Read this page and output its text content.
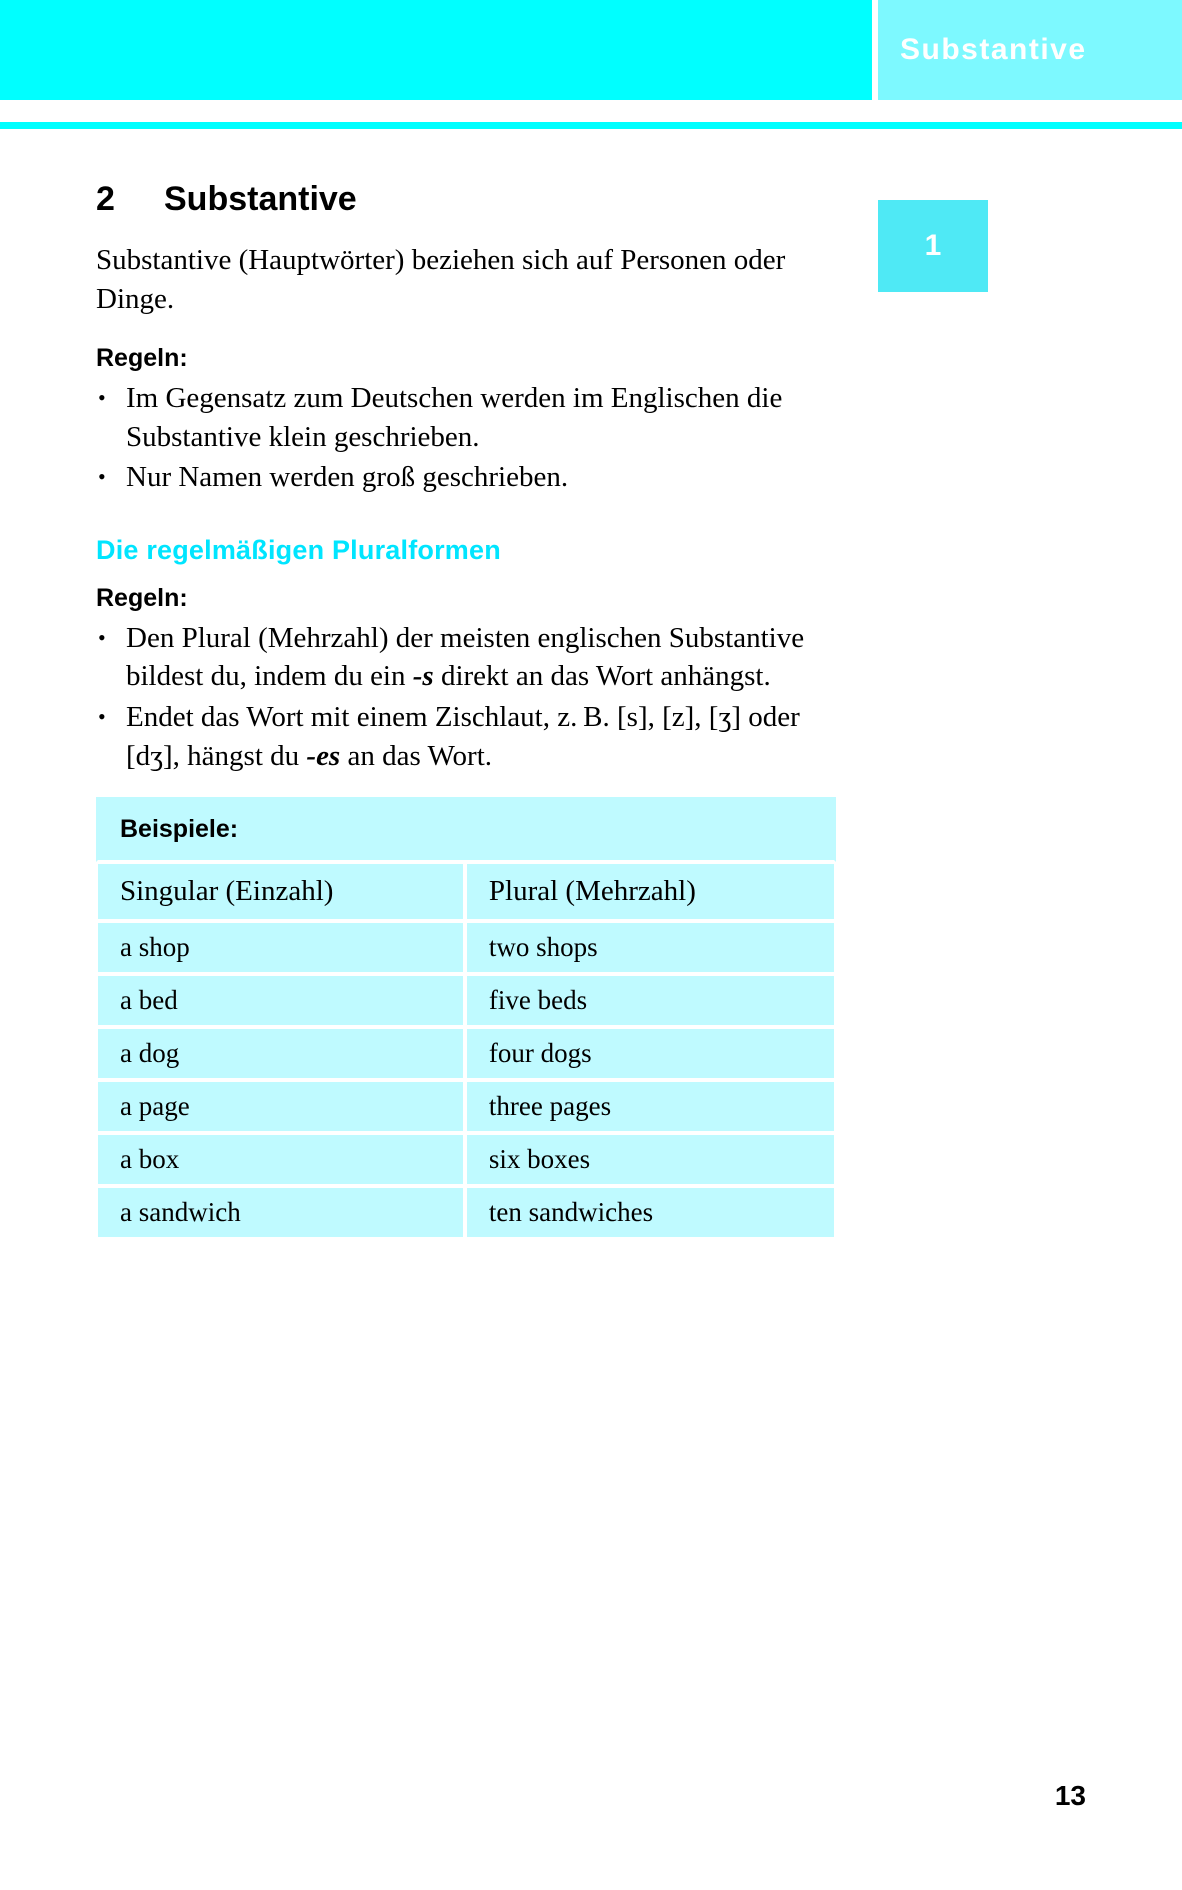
Substantive
1
2	Substantive

Substantive (Hauptwörter) beziehen sich auf Personen oder Dinge.

Regeln:
• Im Gegensatz zum Deutschen werden im Englischen die Substantive klein geschrieben.
• Nur Namen werden groß geschrieben.
Die regelmäßigen Pluralformen
Regeln:
• Den Plural (Mehrzahl) der meisten englischen Substantive bildest du, indem du ein -s direkt an das Wort anhängst.
• Endet das Wort mit einem Zischlaut, z. B. [s], [z], [ʒ] oder [dʒ], hängst du -es an das Wort.
Beispiele:	
Singular (Einzahl)	Plural (Mehrzahl)
a shop	two shops
a bed	five beds
a dog	four dogs
a page	three pages
a box	six boxes
a sandwich	ten sandwiches
13
